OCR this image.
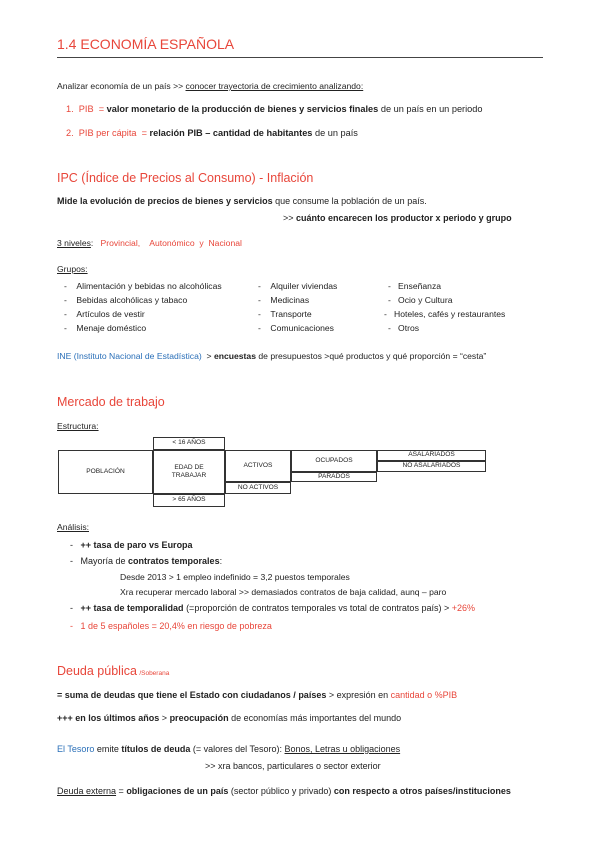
1.4 ECONOMÍA ESPAÑOLA
Analizar economía de un país >> conocer trayectoria de crecimiento analizando:
1. PIB = valor monetario de la producción de bienes y servicios finales de un país en un periodo
2. PIB per cápita = relación PIB – cantidad de habitantes de un país
IPC (Índice de Precios al Consumo) - Inflación
Mide la evolución de precios de bienes y servicios que consume la población de un país.
>> cuánto encarecen los productor x periodo y grupo
3 niveles: Provincial, Autonómico y Nacional
Grupos:
-    Alimentación y bebidas no alcohólicas
-    Bebidas alcohólicas y tabaco
-    Artículos de vestir
-    Menaje doméstico
-    Alquiler viviendas
-    Medicinas
-    Transporte
-    Comunicaciones
-   Enseñanza
-   Ocio y Cultura
-   Hoteles, cafés y restaurantes
-   Otros
INE (Instituto Nacional de Estadística) > encuestas de presupuestos >qué productos y qué proporción = “cesta”
Mercado de trabajo
Estructura:
< 16 AÑOS
POBLACIÓN
EDAD DE TRABAJAR
ACTIVOS
OCUPADOS
ASALARIADOS
NO ASALARIADOS
PARADOS
NO ACTIVOS
> 65 AÑOS
Análisis:
- ++ tasa de paro vs Europa
- Mayoría de contratos temporales:
Desde 2013 > 1 empleo indefinido = 3,2 puestos temporales
Xra recuperar mercado laboral >> demasiados contratos de baja calidad, aunq – paro
- ++ tasa de temporalidad (=proporción de contratos temporales vs total de contratos país) > +26%
- 1 de 5 españoles = 20,4% en riesgo de pobreza
Deuda pública /Soberana
= suma de deudas que tiene el Estado con ciudadanos / países > expresión en cantidad o %PIB
+++ en los últimos años > preocupación de economías más importantes del mundo
El Tesoro emite títulos de deuda (= valores del Tesoro): Bonos, Letras u obligaciones
>> xra bancos, particulares o sector exterior
Deuda externa = obligaciones de un país (sector público y privado) con respecto a otros países/instituciones
